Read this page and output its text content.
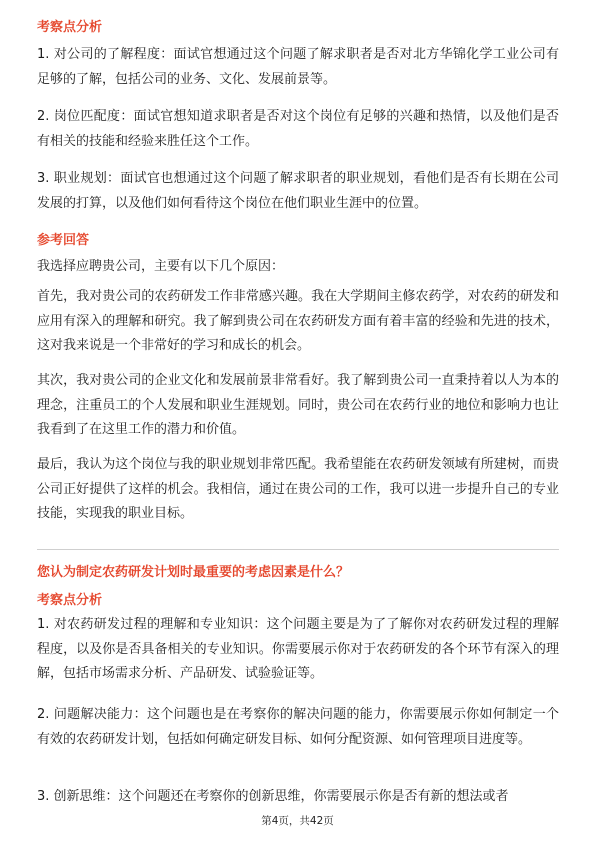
考察点分析
1. 对公司的了解程度：面试官想通过这个问题了解求职者是否对北方华锦化学工业公司有足够的了解，包括公司的业务、文化、发展前景等。
2. 岗位匹配度：面试官想知道求职者是否对这个岗位有足够的兴趣和热情，以及他们是否有相关的技能和经验来胜任这个工作。
3. 职业规划：面试官也想通过这个问题了解求职者的职业规划，看他们是否有长期在公司发展的打算，以及他们如何看待这个岗位在他们职业生涯中的位置。
参考回答
我选择应聘贵公司，主要有以下几个原因：
首先，我对贵公司的农药研发工作非常感兴趣。我在大学期间主修农药学，对农药的研发和应用有深入的理解和研究。我了解到贵公司在农药研发方面有着丰富的经验和先进的技术，这对我来说是一个非常好的学习和成长的机会。
其次，我对贵公司的企业文化和发展前景非常看好。我了解到贵公司一直秉持着以人为本的理念，注重员工的个人发展和职业生涯规划。同时，贵公司在农药行业的地位和影响力也让我看到了在这里工作的潜力和价值。
最后，我认为这个岗位与我的职业规划非常匹配。我希望能在农药研发领域有所建树，而贵公司正好提供了这样的机会。我相信，通过在贵公司的工作，我可以进一步提升自己的专业技能，实现我的职业目标。
您认为制定农药研发计划时最重要的考虑因素是什么？
考察点分析
1. 对农药研发过程的理解和专业知识：这个问题主要是为了了解你对农药研发过程的理解程度，以及你是否具备相关的专业知识。你需要展示你对于农药研发的各个环节有深入的理解，包括市场需求分析、产品研发、试验验证等。
2. 问题解决能力：这个问题也是在考察你的解决问题的能力，你需要展示你如何制定一个有效的农药研发计划，包括如何确定研发目标、如何分配资源、如何管理项目进度等。
3. 创新思维：这个问题还在考察你的创新思维，你需要展示你是否有新的想法或者
第4页，共42页
